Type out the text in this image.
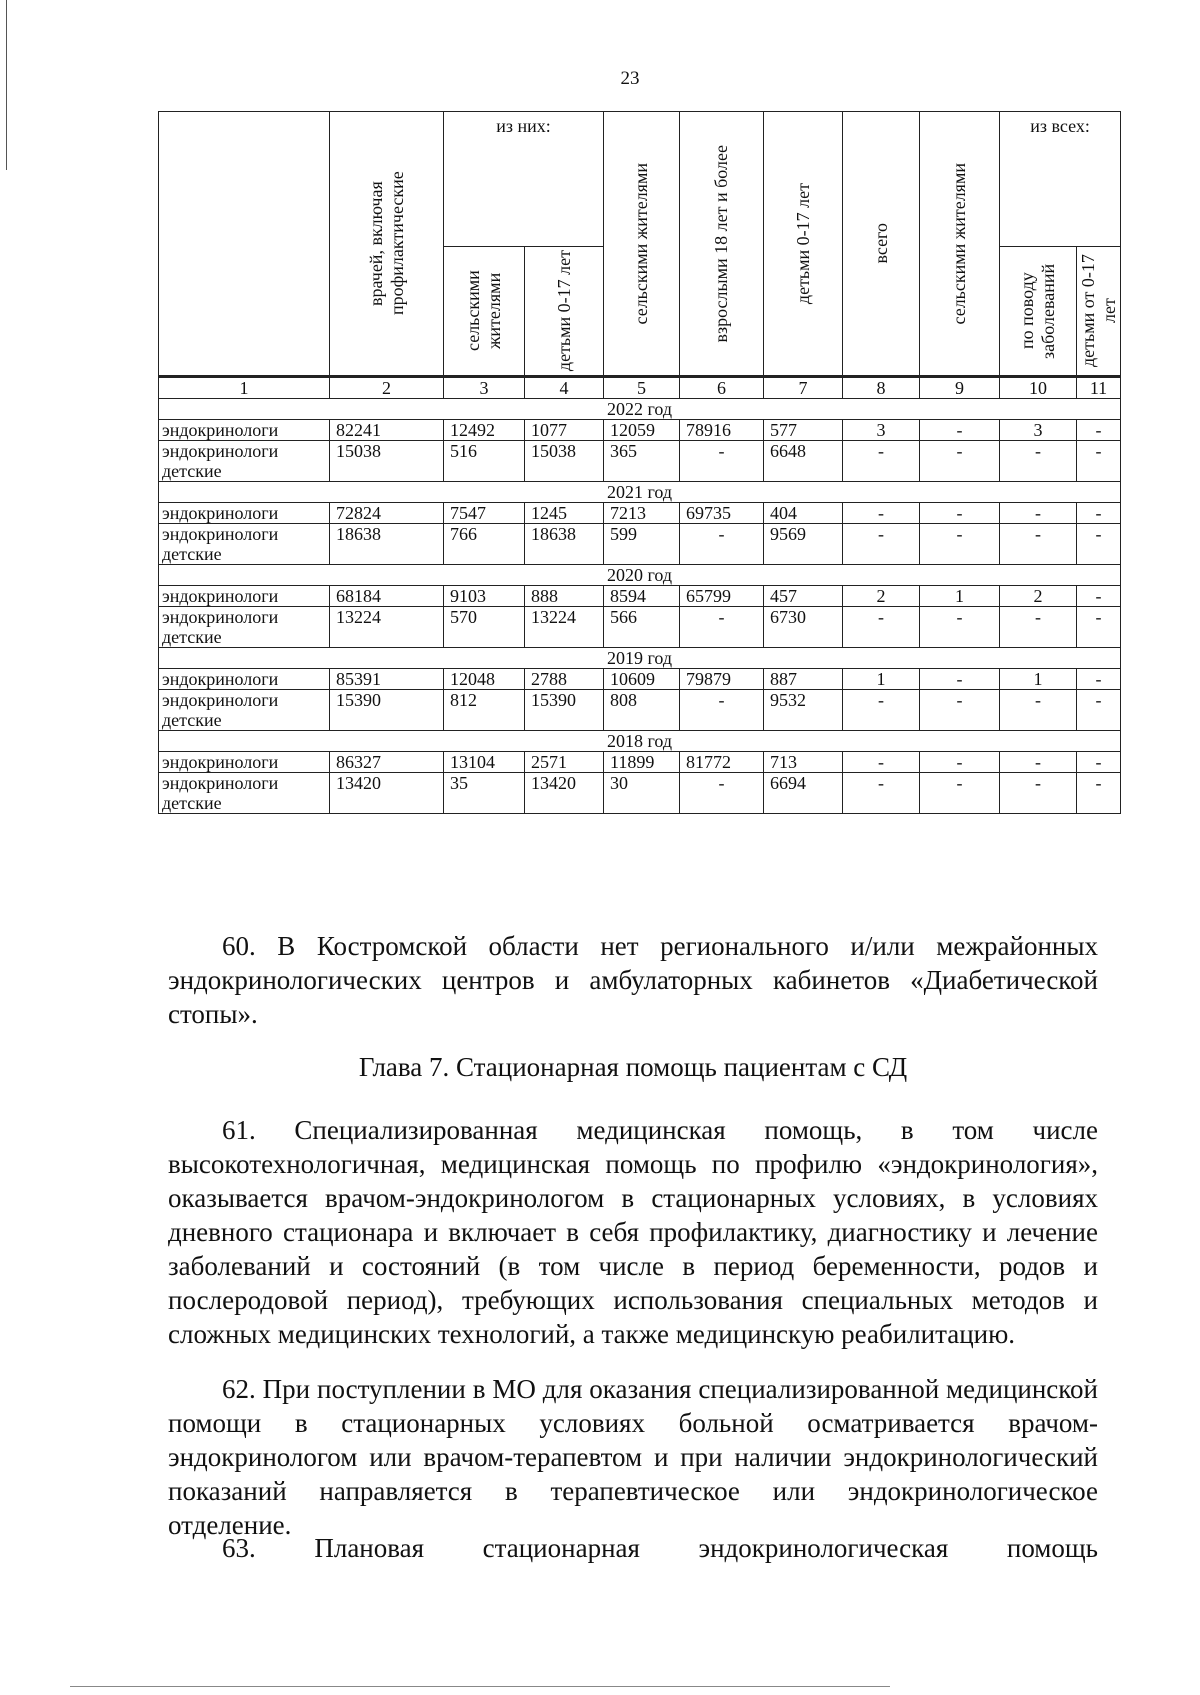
23

	врачей, включая профилактические	из них:		сельскими жителями	взрослыми 18 лет и более	детьми 0-17 лет	всего	сельскими жителями	из всех:	

		сельскими жителями	детьми 0-17 лет						по поводу заболеваний	детьми от 0-17 лет

1	2	3	4	5	6	7	8	9	10	11
2022 год										
эндокринологи	82241	12492	1077	12059	78916	577	3	-	3	-
эндокринологи детские	15038	516	15038	365	-	6648	-	-	-	-
2021 год										
эндокринологи	72824	7547	1245	7213	69735	404	-	-	-	-
эндокринологи детские	18638	766	18638	599	-	9569	-	-	-	-
2020 год										
эндокринологи	68184	9103	888	8594	65799	457	2	1	2	-
эндокринологи детские	13224	570	13224	566	-	6730	-	-	-	-
2019 год										
эндокринологи	85391	12048	2788	10609	79879	887	1	-	1	-
эндокринологи детские	15390	812	15390	808	-	9532	-	-	-	-
2018 год										
эндокринологи	86327	13104	2571	11899	81772	713	-	-	-	-
эндокринологи детские	13420	35	13420	30	-	6694	-	-	-	-

60. В Костромской области нет регионального и/или межрайонных эндокринологических центров и амбулаторных кабинетов «Диабетической стопы».

Глава 7. Стационарная помощь пациентам с СД

61. Специализированная медицинская помощь, в том числе высокотехнологичная, медицинская помощь по профилю «эндокринология», оказывается врачом-эндокринологом в стационарных условиях, в условиях дневного стационара и включает в себя профилактику, диагностику и лечение заболеваний и состояний (в том числе в период беременности, родов и послеродовой период), требующих использования специальных методов и сложных медицинских технологий, а также медицинскую реабилитацию.

62. При поступлении в МО для оказания специализированной медицинской помощи в стационарных условиях больной осматривается врачом-эндокринологом или врачом-терапевтом и при наличии эндокринологический показаний направляется в терапевтическое или эндокринологическое отделение.

63. Плановая стационарная эндокринологическая помощь
